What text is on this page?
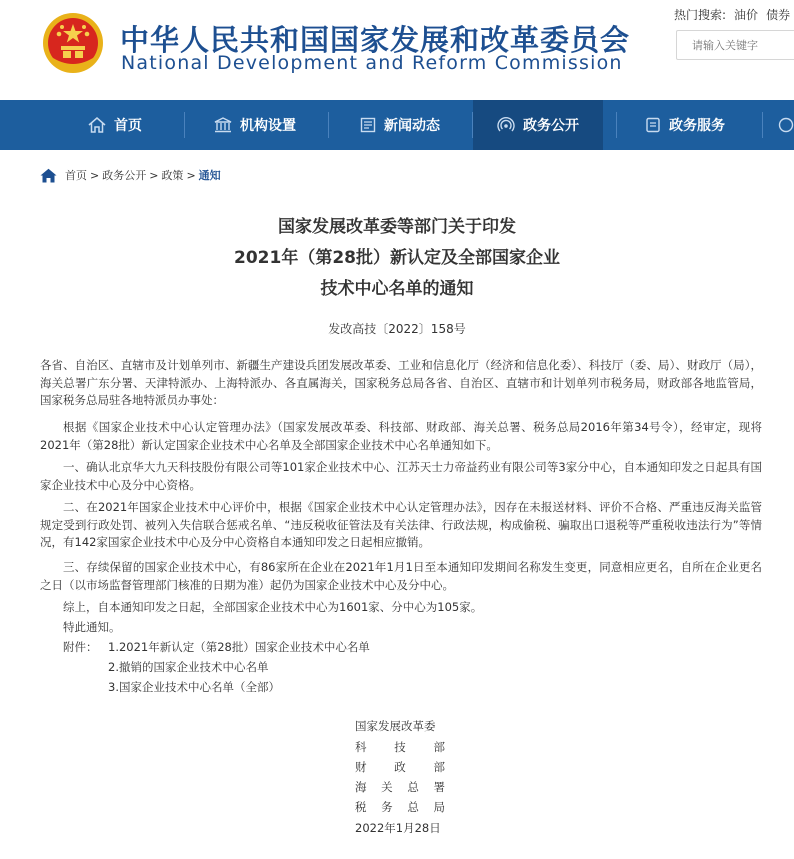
中华人民共和国国家发展和改革委员会
National Development and Reform Commission
热门搜索: 油价 债券
请输入关键字
首页	机构设置	新闻动态	政务公开	政务服务
首页 > 政务公开 > 政策 > 通知
国家发展改革委等部门关于印发
2021年（第28批）新认定及全部国家企业
技术中心名单的通知
发改高技〔2022〕158号
各省、自治区、直辖市及计划单列市、新疆生产建设兵团发展改革委、工业和信息化厅（经济和信息化委）、科技厅（委、局）、财政厅（局），海关总署广东分署、天津特派办、上海特派办、各直属海关，国家税务总局各省、自治区、直辖市和计划单列市税务局，财政部各地监管局，国家税务总局驻各地特派员办事处：
根据《国家企业技术中心认定管理办法》（国家发展改革委、科技部、财政部、海关总署、税务总局2016年第34号令），经审定，现将2021年（第28批）新认定国家企业技术中心名单及全部国家企业技术中心名单通知如下。
一、确认北京华大九天科技股份有限公司等101家企业技术中心、江苏天士力帝益药业有限公司等3家分中心，自本通知印发之日起具有国家企业技术中心及分中心资格。
二、在2021年国家企业技术中心评价中，根据《国家企业技术中心认定管理办法》，因存在未报送材料、评价不合格、严重违反海关监管规定受到行政处罚、被列入失信联合惩戒名单、“违反税收征管法及有关法律、行政法规，构成偷税、骗取出口退税等严重税收违法行为”等情况，有142家国家企业技术中心及分中心资格自本通知印发之日起相应撤销。
三、存续保留的国家企业技术中心，有86家所在企业在2021年1月1日至本通知印发期间名称发生变更，同意相应更名，自所在企业更名之日（以市场监督管理部门核准的日期为准）起仍为国家企业技术中心及分中心。
综上，自本通知印发之日起，全部国家企业技术中心为1601家、分中心为105家。
特此通知。
附件： 1.2021年新认定（第28批）国家企业技术中心名单
2.撤销的国家企业技术中心名单
3.国家企业技术中心名单（全部）
国家发展改革委
科 技 部
财 政 部
海 关 总 署
税 务 总 局
2022年1月28日
